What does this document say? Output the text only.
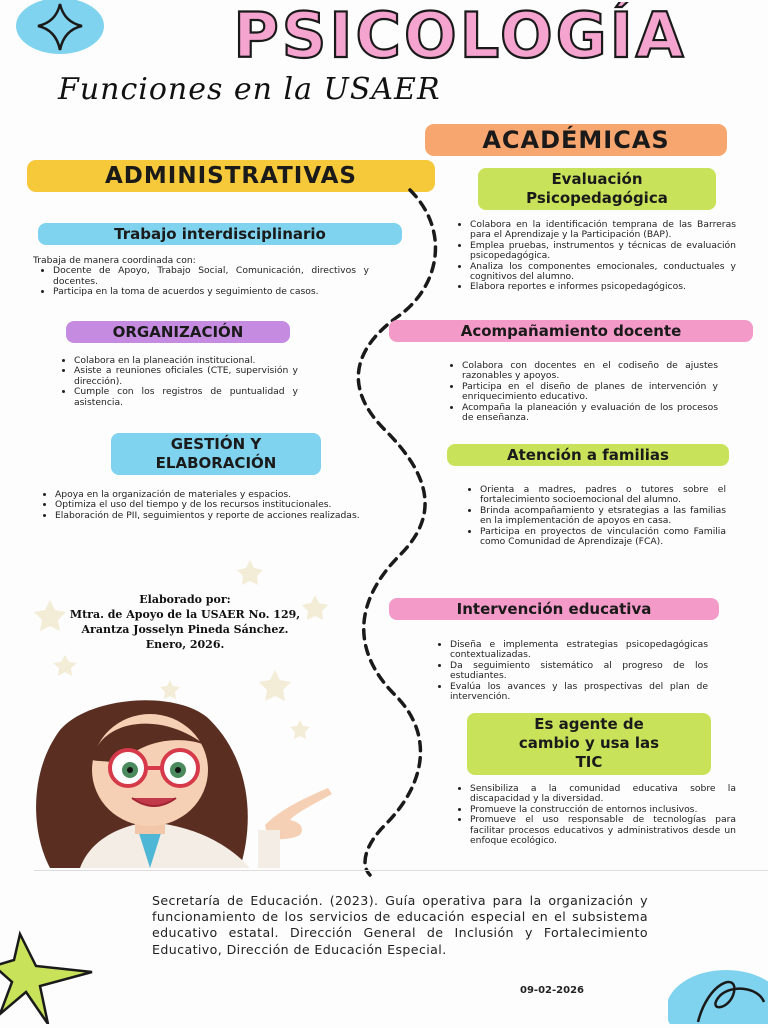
PSICOLOGÍA
Funciones en la USAER
ACADÉMICAS
ADMINISTRATIVAS
Trabajo interdisciplinario
Trabaja de manera coordinada con:
• Docente de Apoyo, Trabajo Social, Comunicación, directivos y docentes.
• Participa en la toma de acuerdos y seguimiento de casos.
ORGANIZACIÓN
• Colabora en la planeación institucional.
• Asiste a reuniones oficiales (CTE, supervisión y dirección).
• Cumple con los registros de puntualidad y asistencia.
GESTIÓN Y
ELABORACIÓN
• Apoya en la organización de materiales y espacios.
• Optimiza el uso del tiempo y de los recursos institucionales.
• Elaboración de PII, seguimientos y reporte de acciones realizadas.
Elaborado por:
Mtra. de Apoyo de la USAER No. 129,
Arantza Josselyn Pineda Sánchez.
Enero, 2026.
Evaluación
Psicopedagógica
• Colabora en la identificación temprana de las Barreras para el Aprendizaje y la Participación (BAP).
• Emplea pruebas, instrumentos y técnicas de evaluación psicopedagógica.
• Analiza los componentes emocionales, conductuales y cognitivos del alumno.
• Elabora reportes e informes psicopedagógicos.
Acompañamiento docente
• Colabora con docentes en el codiseño de ajustes razonables y apoyos.
• Participa en el diseño de planes de intervención y enriquecimiento educativo.
• Acompaña la planeación y evaluación de los procesos de enseñanza.
Atención a familias
• Orienta a madres, padres o tutores sobre el fortalecimiento socioemocional del alumno.
• Brinda acompañamiento y etsrategias a las familias en la implementación de apoyos en casa.
• Participa en proyectos de vinculación como Familia como Comunidad de Aprendizaje (FCA).
Intervención educativa
• Diseña e implementa estrategias psicopedagógicas contextualizadas.
• Da seguimiento sistemático al progreso de los estudiantes.
• Evalúa los avances y las prospectivas del plan de intervención.
Es agente de
cambio y usa las
TIC
• Sensibiliza a la comunidad educativa sobre la discapacidad y la diversidad.
• Promueve la construcción de entornos inclusivos.
• Promueve el uso responsable de tecnologías para facilitar procesos educativos y administrativos desde un enfoque ecológico.
Secretaría de Educación. (2023). Guía operativa para la organización y funcionamiento de los servicios de educación especial en el subsistema educativo estatal. Dirección General de Inclusión y Fortalecimiento Educativo, Dirección de Educación Especial.
09-02-2026
